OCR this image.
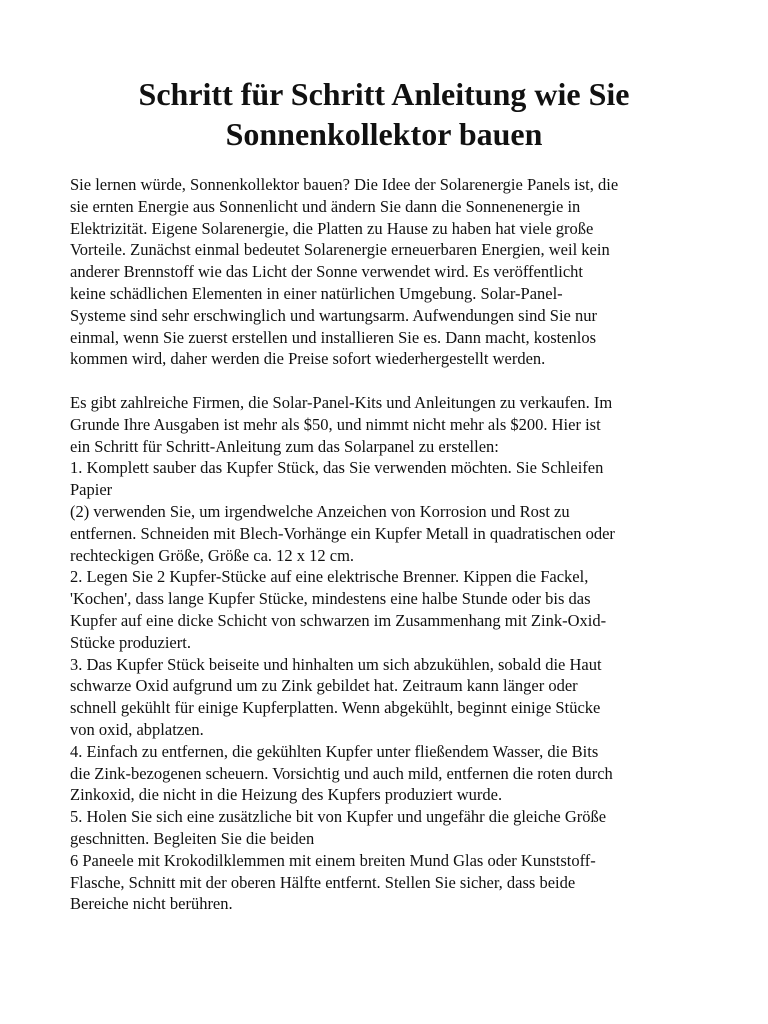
Schritt für Schritt Anleitung wie Sie
Sonnenkollektor bauen

Sie lernen würde, Sonnenkollektor bauen? Die Idee der Solarenergie Panels ist, die
sie ernten Energie aus Sonnenlicht und ändern Sie dann die Sonnenenergie in
Elektrizität. Eigene Solarenergie, die Platten zu Hause zu haben hat viele große
Vorteile. Zunächst einmal bedeutet Solarenergie erneuerbaren Energien, weil kein
anderer Brennstoff wie das Licht der Sonne verwendet wird. Es veröffentlicht
keine schädlichen Elementen in einer natürlichen Umgebung. Solar-Panel-
Systeme sind sehr erschwinglich und wartungsarm. Aufwendungen sind Sie nur
einmal, wenn Sie zuerst erstellen und installieren Sie es. Dann macht, kostenlos
kommen wird, daher werden die Preise sofort wiederhergestellt werden.

Es gibt zahlreiche Firmen, die Solar-Panel-Kits und Anleitungen zu verkaufen. Im
Grunde Ihre Ausgaben ist mehr als $50, und nimmt nicht mehr als $200. Hier ist
ein Schritt für Schritt-Anleitung zum das Solarpanel zu erstellen:
1. Komplett sauber das Kupfer Stück, das Sie verwenden möchten. Sie Schleifen
Papier
(2) verwenden Sie, um irgendwelche Anzeichen von Korrosion und Rost zu
entfernen. Schneiden mit Blech-Vorhänge ein Kupfer Metall in quadratischen oder
rechteckigen Größe, Größe ca. 12 x 12 cm.
2. Legen Sie 2 Kupfer-Stücke auf eine elektrische Brenner. Kippen die Fackel,
'Kochen', dass lange Kupfer Stücke, mindestens eine halbe Stunde oder bis das
Kupfer auf eine dicke Schicht von schwarzen im Zusammenhang mit Zink-Oxid-
Stücke produziert.
3. Das Kupfer Stück beiseite und hinhalten um sich abzukühlen, sobald die Haut
schwarze Oxid aufgrund um zu Zink gebildet hat. Zeitraum kann länger oder
schnell gekühlt für einige Kupferplatten. Wenn abgekühlt, beginnt einige Stücke
von oxid, abplatzen.
4. Einfach zu entfernen, die gekühlten Kupfer unter fließendem Wasser, die Bits
die Zink-bezogenen scheuern. Vorsichtig und auch mild, entfernen die roten durch
Zinkoxid, die nicht in die Heizung des Kupfers produziert wurde.
5. Holen Sie sich eine zusätzliche bit von Kupfer und ungefähr die gleiche Größe
geschnitten. Begleiten Sie die beiden
6 Paneele mit Krokodilklemmen mit einem breiten Mund Glas oder Kunststoff-
Flasche, Schnitt mit der oberen Hälfte entfernt. Stellen Sie sicher, dass beide
Bereiche nicht berühren.
